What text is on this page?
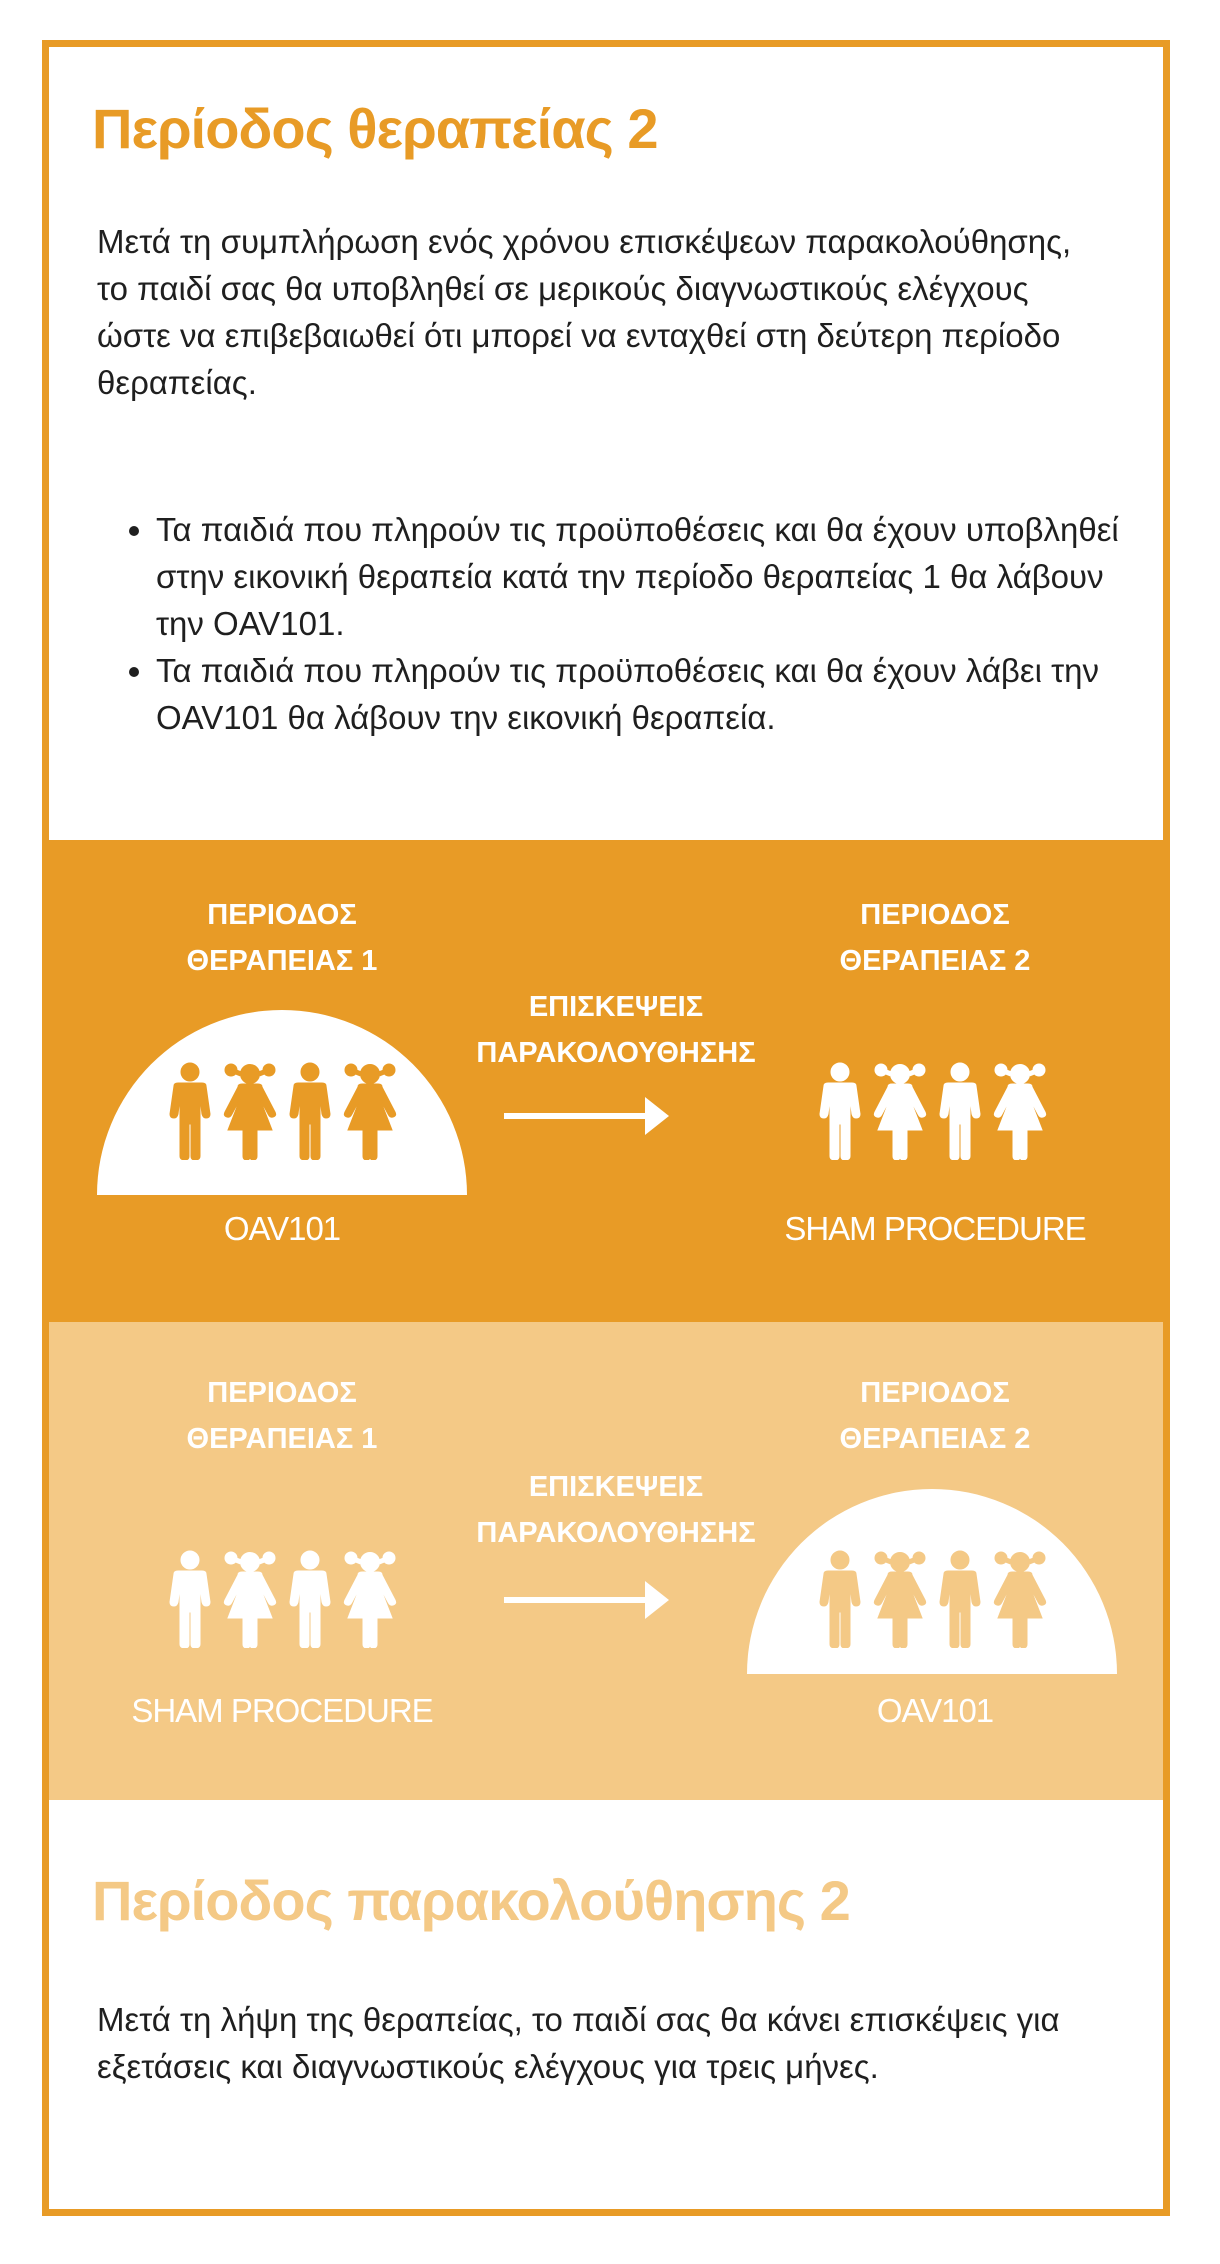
Περίοδος θεραπείας 2

Μετά τη συμπλήρωση ενός χρόνου επισκέψεων παρακολούθησης, το παιδί σας θα υποβληθεί σε μερικούς διαγνωστικούς ελέγχους ώστε να επιβεβαιωθεί ότι μπορεί να ενταχθεί στη δεύτερη περίοδο θεραπείας.

• Τα παιδιά που πληρούν τις προϋποθέσεις και θα έχουν υποβληθεί στην εικονική θεραπεία κατά την περίοδο θεραπείας 1 θα λάβουν την OAV101.
• Τα παιδιά που πληρούν τις προϋποθέσεις και θα έχουν λάβει την OAV101 θα λάβουν την εικονική θεραπεία.
ΠΕΡΙΟΔΟΣ
ΘΕΡΑΠΕΙΑΣ 1
ΕΠΙΣΚΕΨΕΙΣ
ΠΑΡΑΚΟΛΟΥΘΗΣΗΣ
ΠΕΡΙΟΔΟΣ
ΘΕΡΑΠΕΙΑΣ 2
OAV101	SHAM PROCEDURE
ΠΕΡΙΟΔΟΣ
ΘΕΡΑΠΕΙΑΣ 1
ΕΠΙΣΚΕΨΕΙΣ
ΠΑΡΑΚΟΛΟΥΘΗΣΗΣ
ΠΕΡΙΟΔΟΣ
ΘΕΡΑΠΕΙΑΣ 2
SHAM PROCEDURE	OAV101
Περίοδος παρακολούθησης 2

Μετά τη λήψη της θεραπείας, το παιδί σας θα κάνει επισκέψεις για εξετάσεις και διαγνωστικούς ελέγχους για τρεις μήνες.
